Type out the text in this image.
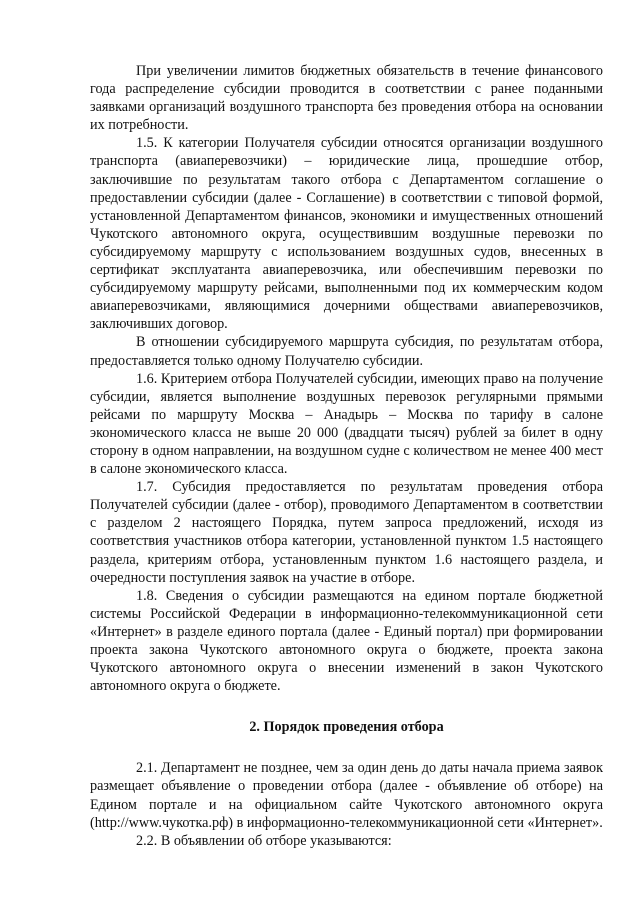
При увеличении лимитов бюджетных обязательств в течение финансового года распределение субсидии проводится в соответствии с ранее поданными заявками организаций воздушного транспорта без проведения отбора на основании их потребности.

1.5. К категории Получателя субсидии относятся организации воздушного транспорта (авиаперевозчики) – юридические лица, прошедшие отбор, заключившие по результатам такого отбора с Департаментом соглашение о предоставлении субсидии (далее - Соглашение) в соответствии с типовой формой, установленной Департаментом финансов, экономики и имущественных отношений Чукотского автономного округа, осуществившим воздушные перевозки по субсидируемому маршруту с использованием воздушных судов, внесенных в сертификат эксплуатанта авиаперевозчика, или обеспечившим перевозки по субсидируемому маршруту рейсами, выполненными под их коммерческим кодом авиаперевозчиками, являющимися дочерними обществами авиаперевозчиков, заключивших договор.

В отношении субсидируемого маршрута субсидия, по результатам отбора, предоставляется только одному Получателю субсидии.

1.6. Критерием отбора Получателей субсидии, имеющих право на получение субсидии, является выполнение воздушных перевозок регулярными прямыми рейсами по маршруту Москва – Анадырь – Москва по тарифу в салоне экономического класса не выше 20 000 (двадцати тысяч) рублей за билет в одну сторону в одном направлении, на воздушном судне с количеством не менее 400 мест в салоне экономического класса.

1.7. Субсидия предоставляется по результатам проведения отбора Получателей субсидии (далее - отбор), проводимого Департаментом в соответствии с разделом 2 настоящего Порядка, путем запроса предложений, исходя из соответствия участников отбора категории, установленной пунктом 1.5 настоящего раздела, критериям отбора, установленным пунктом 1.6 настоящего раздела, и очередности поступления заявок на участие в отборе.

1.8. Сведения о субсидии размещаются на едином портале бюджетной системы Российской Федерации в информационно-телекоммуникационной сети «Интернет» в разделе единого портала (далее - Единый портал) при формировании проекта закона Чукотского автономного округа о бюджете, проекта закона Чукотского автономного округа о внесении изменений в закон Чукотского автономного округа о бюджете.

2. Порядок проведения отбора

2.1. Департамент не позднее, чем за один день до даты начала приема заявок размещает объявление о проведении отбора (далее - объявление об отборе) на Едином портале и на официальном сайте Чукотского автономного округа (http://www.чукотка.рф) в информационно-телекоммуникационной сети «Интернет».

2.2. В объявлении об отборе указываются:
